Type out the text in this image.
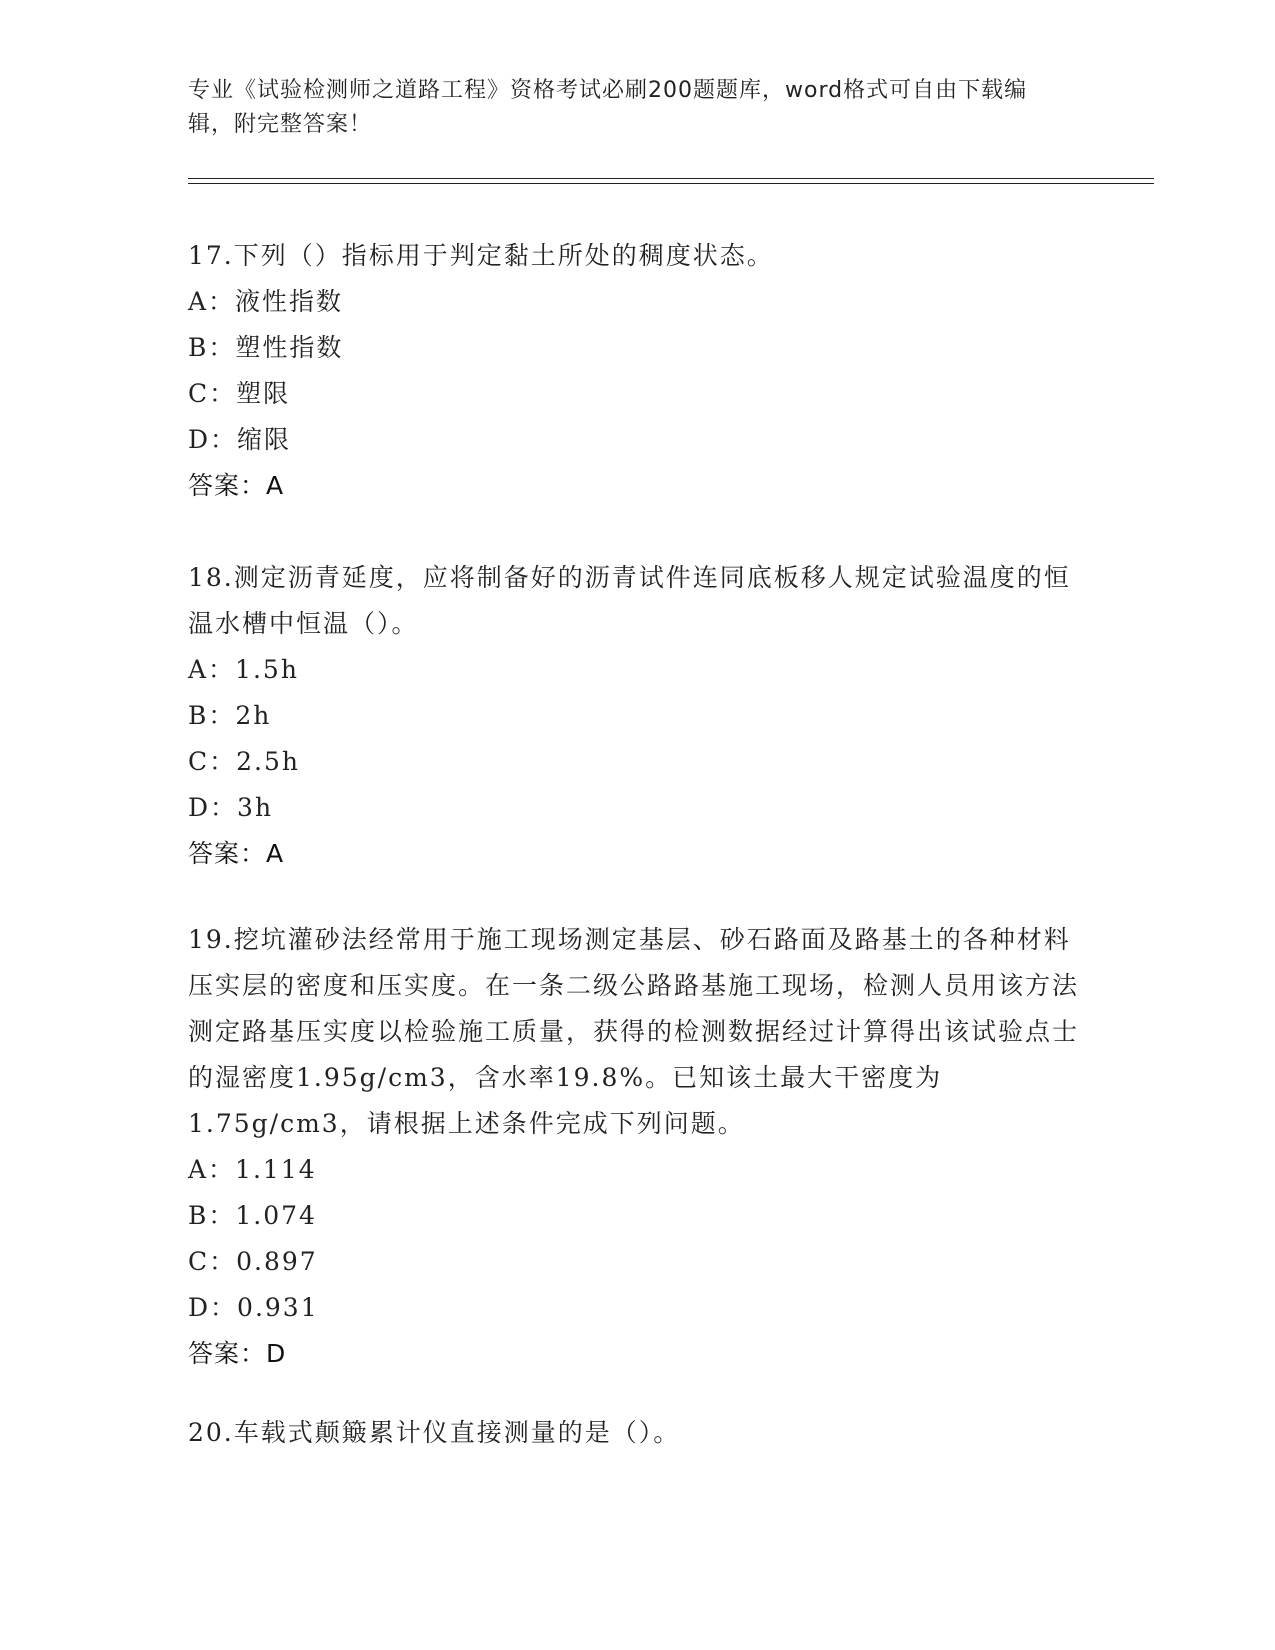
专业《试验检测师之道路工程》资格考试必刷200题题库，word格式可自由下载编辑，附完整答案！

17.下列（）指标用于判定黏土所处的稠度状态。

A：液性指数

B：塑性指数

C：塑限

D：缩限

答案：A

18.测定沥青延度，应将制备好的沥青试件连同底板移人规定试验温度的恒温水槽中恒温（）。

A：1.5h

B：2h

C：2.5h

D：3h

答案：A

19.挖坑灌砂法经常用于施工现场测定基层、砂石路面及路基土的各种材料压实层的密度和压实度。在一条二级公路路基施工现场，检测人员用该方法测定路基压实度以检验施工质量，获得的检测数据经过计算得出该试验点士的湿密度1.95g/cm3，含水率19.8%。已知该土最大干密度为1.75g/cm3，请根据上述条件完成下列问题。

A：1.114

B：1.074

C：0.897

D：0.931

答案：D

20.车载式颠簸累计仪直接测量的是（）。
